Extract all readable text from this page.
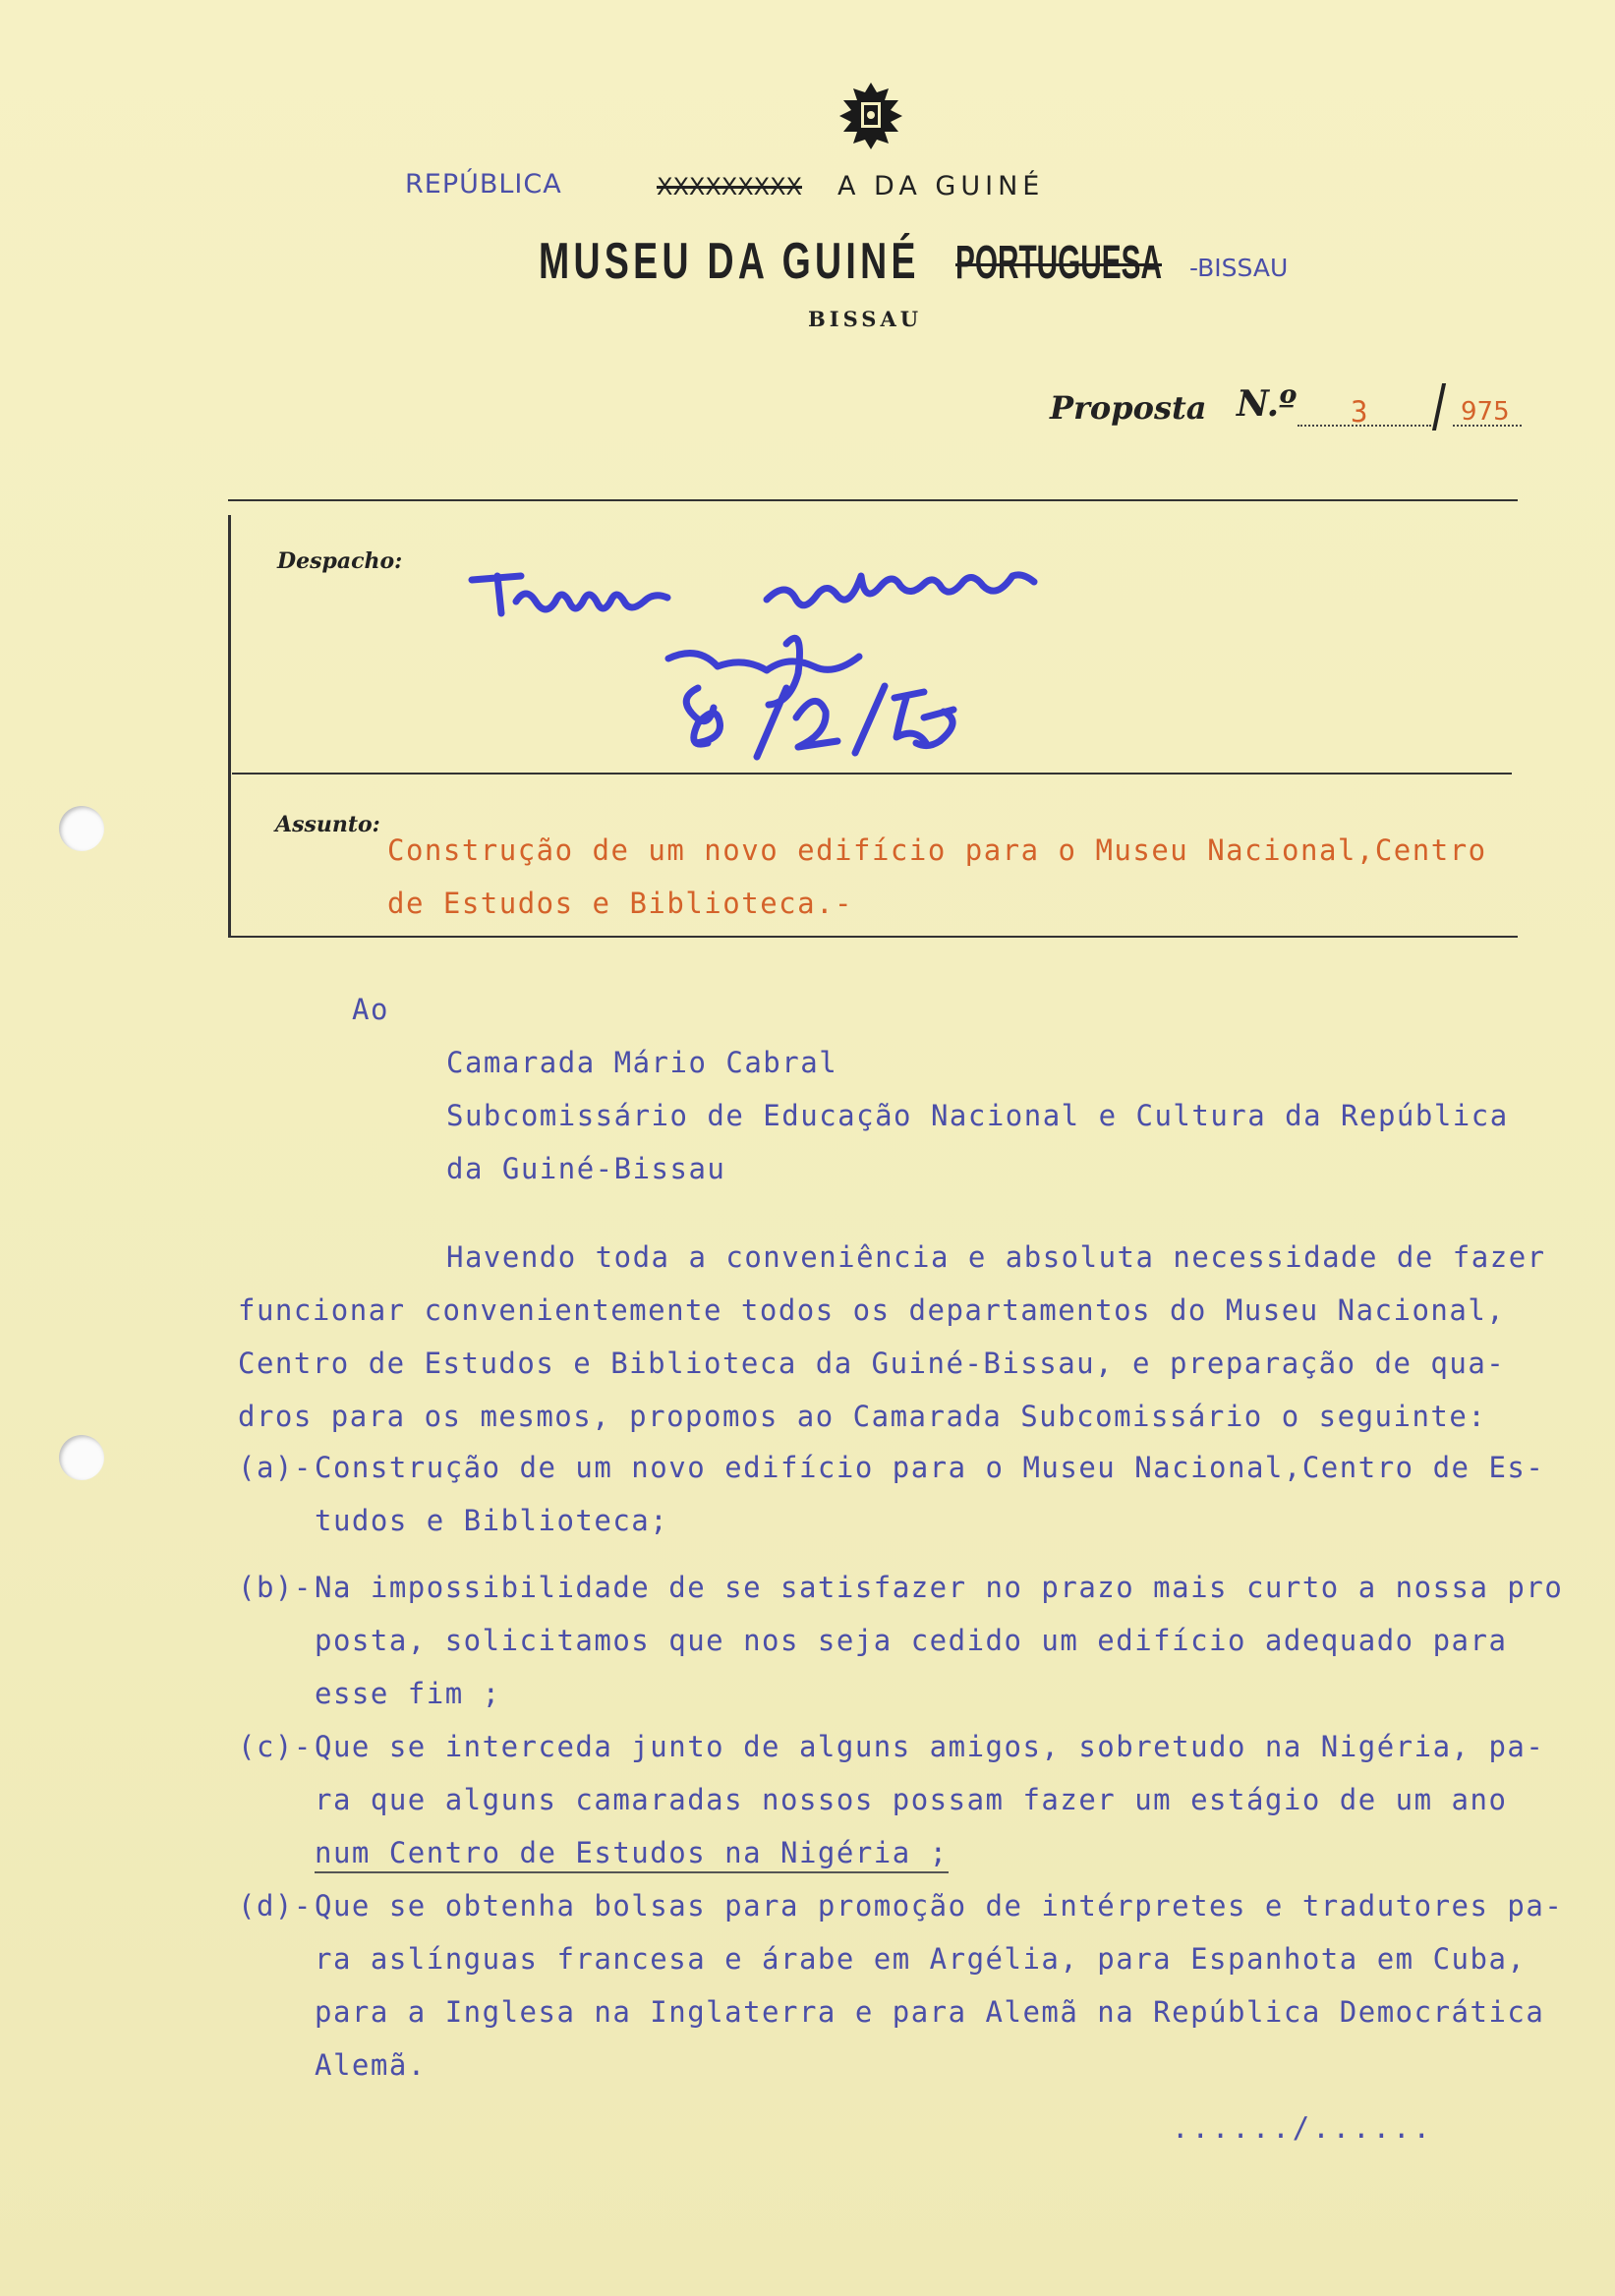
REPÚBLICA	XXXXXXXXX A DA GUINÉ
MUSEU DA GUINÉ PORTUGUESA -BISSAU
BISSAU
Proposta N.º 3	975
Despacho:
Assunto:
Construção de um novo edifício para o Museu Nacional,Centro
de Estudos e Biblioteca.-
Ao
Camarada Mário Cabral
Subcomissário de Educação Nacional e Cultura da República
da Guiné-Bissau
Havendo toda a conveniência e absoluta necessidade de fazer
funcionar convenientemente todos os departamentos do Museu Nacional,
Centro de Estudos e Biblioteca da Guiné-Bissau, e preparação de qua-
dros para os mesmos, propomos ao Camarada Subcomissário o seguinte:
(a)- Construção de um novo edifício para o Museu Nacional,Centro de Es-
tudos e Biblioteca;
(b)- Na impossibilidade de se satisfazer no prazo mais curto a nossa pro
posta, solicitamos que nos seja cedido um edifício adequado para
esse fim ;
(c)- Que se interceda junto de alguns amigos, sobretudo na Nigéria, pa-
ra que alguns camaradas nossos possam fazer um estágio de um ano
num Centro de Estudos na Nigéria ;
(d)- Que se obtenha bolsas para promoção de intérpretes e tradutores pa-
ra aslínguas francesa e árabe em Argélia, para Espanhota em Cuba,
para a Inglesa na Inglaterra e para Alemã na República Democrática
Alemã.
....../......
